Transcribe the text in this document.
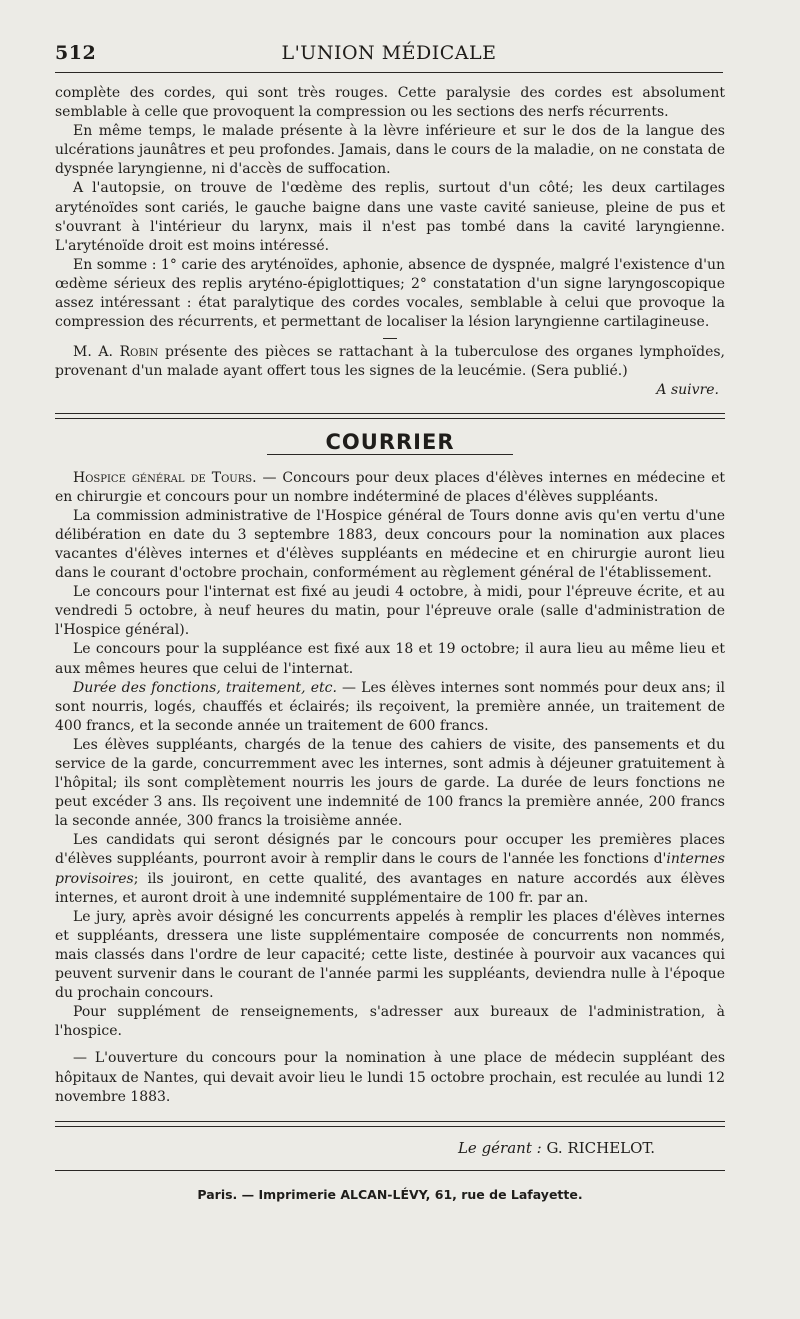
512	L'UNION MÉDICALE

complète des cordes, qui sont très rouges. Cette paralysie des cordes est absolument semblable à celle que provoquent la compression ou les sections des nerfs récurrents.

En même temps, le malade présente à la lèvre inférieure et sur le dos de la langue des ulcérations jaunâtres et peu profondes. Jamais, dans le cours de la maladie, on ne constata de dyspnée laryngienne, ni d'accès de suffocation.

A l'autopsie, on trouve de l'œdème des replis, surtout d'un côté; les deux cartilages aryténoïdes sont cariés, le gauche baigne dans une vaste cavité sanieuse, pleine de pus et s'ouvrant à l'intérieur du larynx, mais il n'est pas tombé dans la cavité laryngienne. L'aryténoïde droit est moins intéressé.

En somme : 1° carie des aryténoïdes, aphonie, absence de dyspnée, malgré l'existence d'un œdème sérieux des replis aryténo-épiglottiques; 2° constatation d'un signe laryngoscopique assez intéressant : état paralytique des cordes vocales, semblable à celui que provoque la compression des récurrents, et permettant de localiser la lésion laryngienne cartilagineuse.

M. A. Robin présente des pièces se rattachant à la tuberculose des organes lymphoïdes, provenant d'un malade ayant offert tous les signes de la leucémie. (Sera publié.)

A suivre.
COURRIER

Hospice général de Tours. — Concours pour deux places d'élèves internes en médecine et en chirurgie et concours pour un nombre indéterminé de places d'élèves suppléants.

La commission administrative de l'Hospice général de Tours donne avis qu'en vertu d'une délibération en date du 3 septembre 1883, deux concours pour la nomination aux places vacantes d'élèves internes et d'élèves suppléants en médecine et en chirurgie auront lieu dans le courant d'octobre prochain, conformément au règlement général de l'établissement.

Le concours pour l'internat est fixé au jeudi 4 octobre, à midi, pour l'épreuve écrite, et au vendredi 5 octobre, à neuf heures du matin, pour l'épreuve orale (salle d'administration de l'Hospice général).

Le concours pour la suppléance est fixé aux 18 et 19 octobre; il aura lieu au même lieu et aux mêmes heures que celui de l'internat.

Durée des fonctions, traitement, etc. — Les élèves internes sont nommés pour deux ans; il sont nourris, logés, chauffés et éclairés; ils reçoivent, la première année, un traitement de 400 francs, et la seconde année un traitement de 600 francs.

Les élèves suppléants, chargés de la tenue des cahiers de visite, des pansements et du service de la garde, concurremment avec les internes, sont admis à déjeuner gratuitement à l'hôpital; ils sont complètement nourris les jours de garde. La durée de leurs fonctions ne peut excéder 3 ans. Ils reçoivent une indemnité de 100 francs la première année, 200 francs la seconde année, 300 francs la troisième année.

Les candidats qui seront désignés par le concours pour occuper les premières places d'élèves suppléants, pourront avoir à remplir dans le cours de l'année les fonctions d'internes provisoires; ils jouiront, en cette qualité, des avantages en nature accordés aux élèves internes, et auront droit à une indemnité supplémentaire de 100 fr. par an.

Le jury, après avoir désigné les concurrents appelés à remplir les places d'élèves internes et suppléants, dressera une liste supplémentaire composée de concurrents non nommés, mais classés dans l'ordre de leur capacité; cette liste, destinée à pourvoir aux vacances qui peuvent survenir dans le courant de l'année parmi les suppléants, deviendra nulle à l'époque du prochain concours.

Pour supplément de renseignements, s'adresser aux bureaux de l'administration, à l'hospice.

— L'ouverture du concours pour la nomination à une place de médecin suppléant des hôpitaux de Nantes, qui devait avoir lieu le lundi 15 octobre prochain, est reculée au lundi 12 novembre 1883.

Le gérant : G. RICHELOT.
Paris. — Imprimerie ALCAN-LÉVY, 61, rue de Lafayette.
